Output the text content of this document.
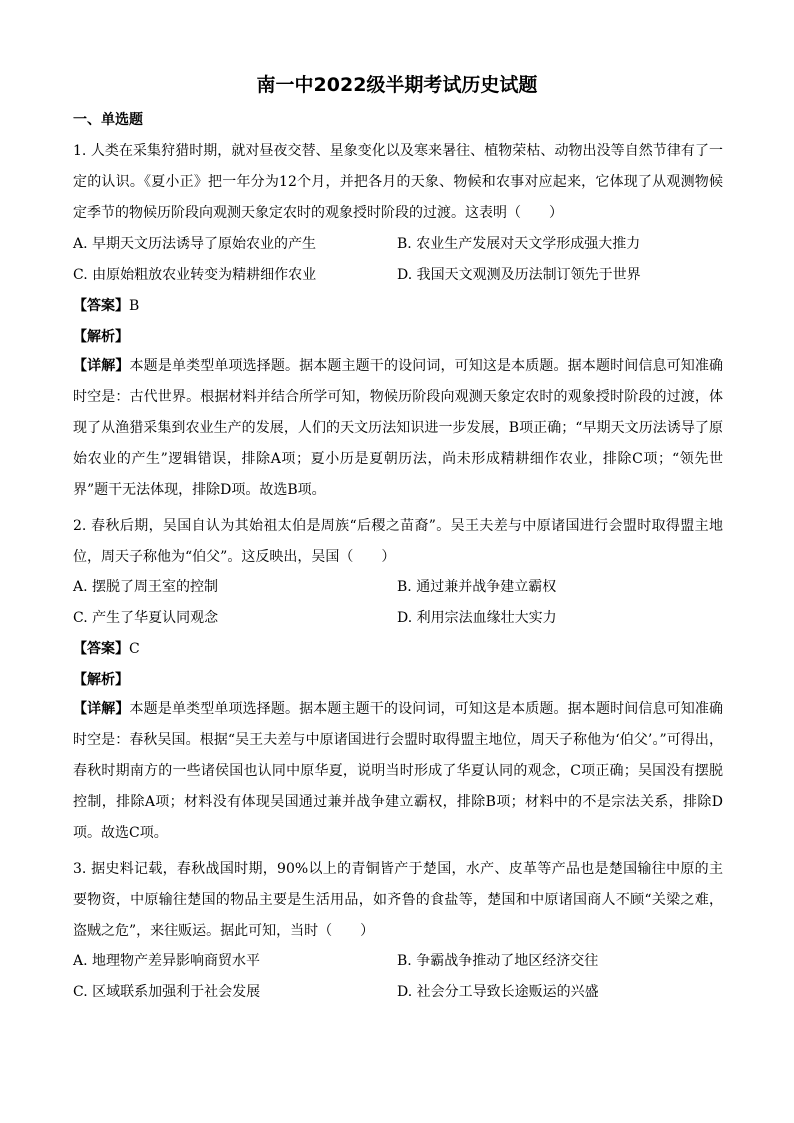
南一中2022级半期考试历史试题
一、单选题
1. 人类在采集狩猎时期，就对昼夜交替、星象变化以及寒来暑往、植物荣枯、动物出没等自然节律有了一定的认识。《夏小正》把一年分为12个月，并把各月的天象、物候和农事对应起来，它体现了从观测物候定季节的物候历阶段向观测天象定农时的观象授时阶段的过渡。这表明（　　）
A. 早期天文历法诱导了原始农业的产生	B. 农业生产发展对天文学形成强大推力
C. 由原始粗放农业转变为精耕细作农业	D. 我国天文观测及历法制订领先于世界
【答案】B
【解析】
【详解】本题是单类型单项选择题。据本题主题干的设问词，可知这是本质题。据本题时间信息可知准确时空是：古代世界。根据材料并结合所学可知，物候历阶段向观测天象定农时的观象授时阶段的过渡，体现了从渔猎采集到农业生产的发展，人们的天文历法知识进一步发展，B项正确；“早期天文历法诱导了原始农业的产生”逻辑错误，排除A项；夏小历是夏朝历法，尚未形成精耕细作农业，排除C项；“领先世界”题干无法体现，排除D项。故选B项。
2. 春秋后期，吴国自认为其始祖太伯是周族“后稷之苗裔”。吴王夫差与中原诸国进行会盟时取得盟主地位，周天子称他为“伯父”。这反映出，吴国（　　）
A. 摆脱了周王室的控制	B. 通过兼并战争建立霸权
C. 产生了华夏认同观念	D. 利用宗法血缘壮大实力
【答案】C
【解析】
【详解】本题是单类型单项选择题。据本题主题干的设问词，可知这是本质题。据本题时间信息可知准确时空是：春秋吴国。根据“吴王夫差与中原诸国进行会盟时取得盟主地位，周天子称他为‘伯父’。”可得出，春秋时期南方的一些诸侯国也认同中原华夏，说明当时形成了华夏认同的观念，C项正确；吴国没有摆脱控制，排除A项；材料没有体现吴国通过兼并战争建立霸权，排除B项；材料中的不是宗法关系，排除D项。故选C项。
3. 据史料记载，春秋战国时期，90%以上的青铜皆产于楚国，水产、皮革等产品也是楚国输往中原的主要物资，中原输往楚国的物品主要是生活用品，如齐鲁的食盐等，楚国和中原诸国商人不顾“关梁之难，盗贼之危”，来往贩运。据此可知，当时（　　）
A. 地理物产差异影响商贸水平	B. 争霸战争推动了地区经济交往
C. 区域联系加强利于社会发展	D. 社会分工导致长途贩运的兴盛
